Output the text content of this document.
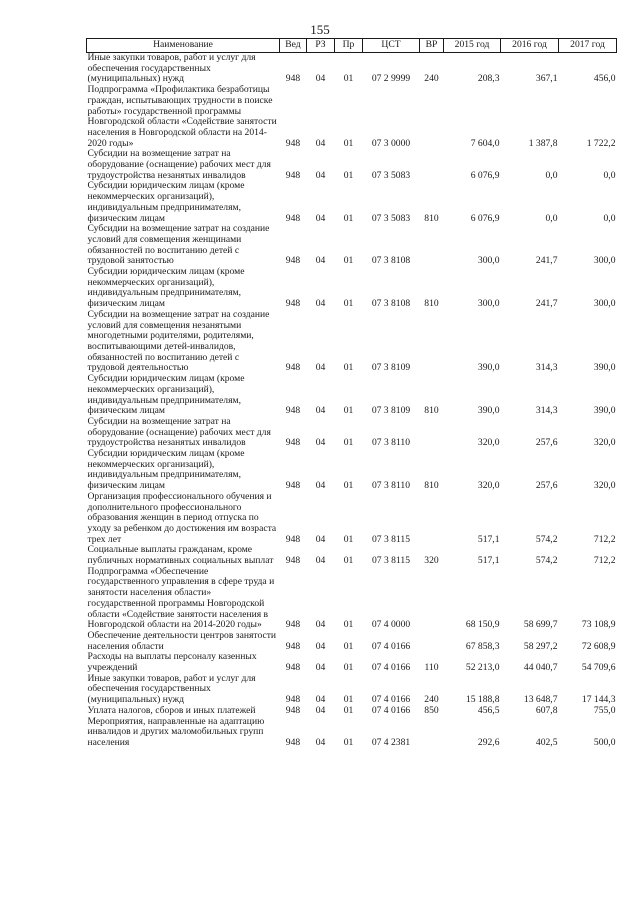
155
Наименование	Вед	РЗ	Пр	ЦСТ	ВР	2015 год	2016 год	2017 год
Иные закупки товаров, работ и услуг для обеспечения государственных (муниципальных) нужд	948	04	01	07 2 9999	240	208,3	367,1	456,0
Подпрограмма «Профилактика безработицы граждан, испытывающих трудности в поиске работы» государственной программы Новгородской области «Содействие занятости населения в Новгородской области на 2014-2020 годы»	948	04	01	07 3 0000		7 604,0	1 387,8	1 722,2
Субсидии на возмещение затрат на оборудование (оснащение) рабочих мест для трудоустройства незанятых инвалидов	948	04	01	07 3 5083		6 076,9	0,0	0,0
Субсидии юридическим лицам (кроме некоммерческих организаций), индивидуальным предпринимателям, физическим лицам	948	04	01	07 3 5083	810	6 076,9	0,0	0,0
Субсидии на возмещение затрат на создание условий для совмещения женщинами обязанностей по воспитанию детей с трудовой занятостью	948	04	01	07 3 8108		300,0	241,7	300,0
Субсидии юридическим лицам (кроме некоммерческих организаций), индивидуальным предпринимателям, физическим лицам	948	04	01	07 3 8108	810	300,0	241,7	300,0
Субсидии на возмещение затрат на создание условий для совмещения незанятыми многодетными родителями, родителями, воспитывающими детей-инвалидов, обязанностей по воспитанию детей с трудовой деятельностью	948	04	01	07 3 8109		390,0	314,3	390,0
Субсидии юридическим лицам (кроме некоммерческих организаций), индивидуальным предпринимателям, физическим лицам	948	04	01	07 3 8109	810	390,0	314,3	390,0
Субсидии на возмещение затрат на оборудование (оснащение) рабочих мест для трудоустройства незанятых инвалидов	948	04	01	07 3 8110		320,0	257,6	320,0
Субсидии юридическим лицам (кроме некоммерческих организаций), индивидуальным предпринимателям, физическим лицам	948	04	01	07 3 8110	810	320,0	257,6	320,0
Организация профессионального обучения и дополнительного профессионального образования женщин в период отпуска по уходу за ребенком до достижения им возраста трех лет	948	04	01	07 3 8115		517,1	574,2	712,2
Социальные выплаты гражданам, кроме публичных нормативных социальных выплат	948	04	01	07 3 8115	320	517,1	574,2	712,2
Подпрограмма «Обеспечение государственного управления в сфере труда и занятости населения области» государственной программы Новгородской области «Содействие занятости населения в Новгородской области на 2014-2020 годы»	948	04	01	07 4 0000		68 150,9	58 699,7	73 108,9
Обеспечение деятельности центров занятости населения области	948	04	01	07 4 0166		67 858,3	58 297,2	72 608,9
Расходы на выплаты персоналу казенных учреждений	948	04	01	07 4 0166	110	52 213,0	44 040,7	54 709,6
Иные закупки товаров, работ и услуг для обеспечения государственных (муниципальных) нужд	948	04	01	07 4 0166	240	15 188,8	13 648,7	17 144,3
Уплата налогов, сборов и иных платежей	948	04	01	07 4 0166	850	456,5	607,8	755,0
Мероприятия, направленные на адаптацию инвалидов и других маломобильных групп населения	948	04	01	07 4 2381		292,6	402,5	500,0
